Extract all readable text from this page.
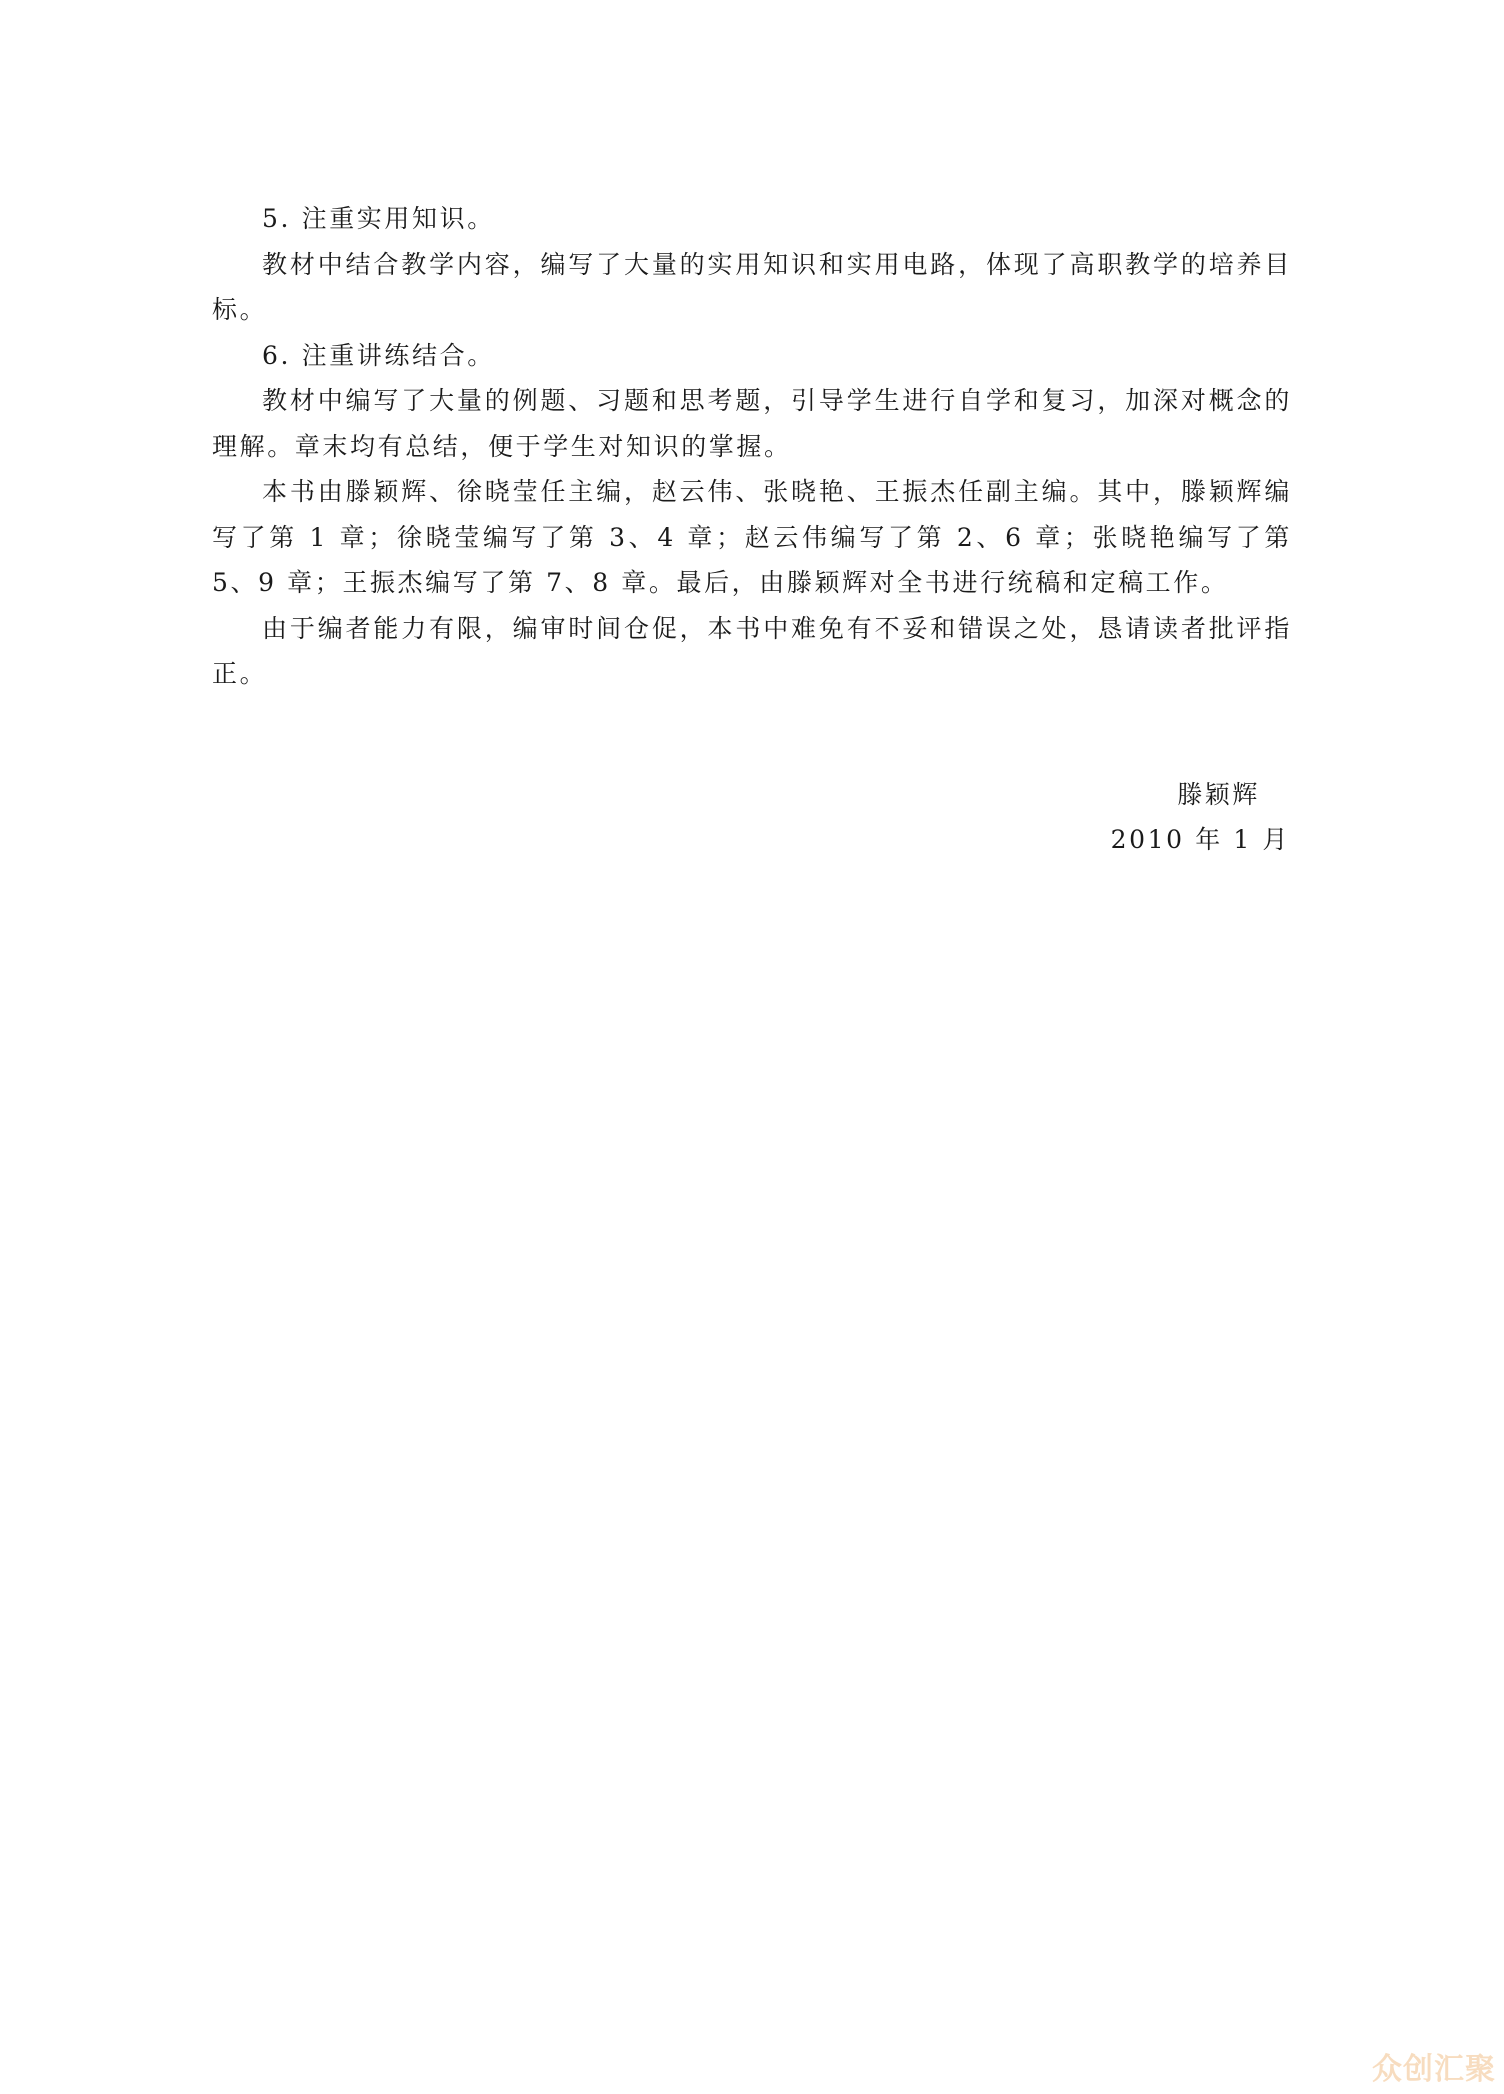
5. 注重实用知识。

教材中结合教学内容，编写了大量的实用知识和实用电路，体现了高职教学的培养目标。

6. 注重讲练结合。

教材中编写了大量的例题、习题和思考题，引导学生进行自学和复习，加深对概念的理解。章末均有总结，便于学生对知识的掌握。

本书由滕颖辉、徐晓莹任主编，赵云伟、张晓艳、王振杰任副主编。其中，滕颖辉编写了第 1 章；徐晓莹编写了第 3、4 章；赵云伟编写了第 2、6 章；张晓艳编写了第 5、9 章；王振杰编写了第 7、8 章。最后，由滕颖辉对全书进行统稿和定稿工作。

由于编者能力有限，编审时间仓促，本书中难免有不妥和错误之处，恳请读者批评指正。

滕颖辉
2010 年 1 月
众创汇聚
